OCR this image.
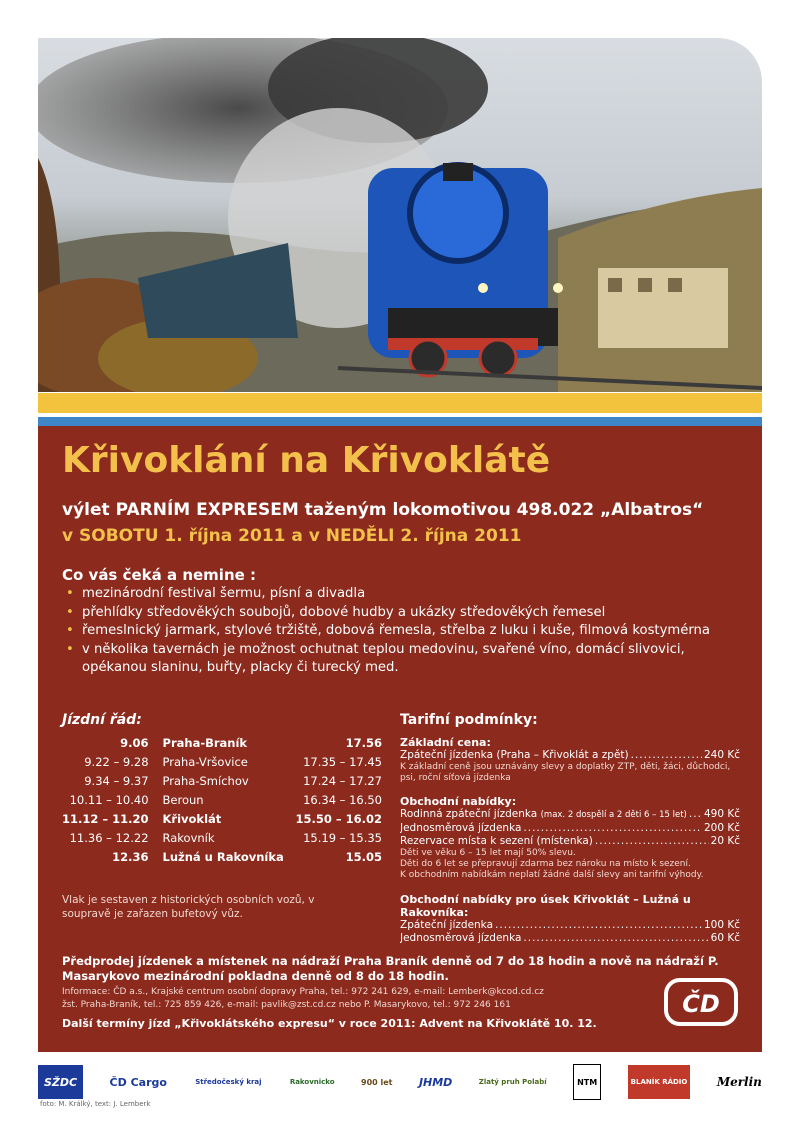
Křivoklání na Křivoklátě
výlet PARNÍM EXPRESEM taženým lokomotivou 498.022 „Albatros“
v SOBOTU 1. října 2011 a v NEDĚLI 2. října 2011
Co vás čeká a nemine :
• mezinárodní festival šermu, písní a divadla
• přehlídky středověkých soubojů, dobové hudby a ukázky středověkých řemesel
• řemeslnický jarmark, stylové tržiště, dobová řemesla, střelba z luku i kuše, filmová kostymérna
• v několika tavernách je možnost ochutnat teplou medovinu, svařené víno, domácí slivovici, opékanou slaninu, buřty, placky či turecký med.
Jízdní řád:
9.06	Praha-Braník	17.56
9.22 – 9.28	Praha-Vršovice	17.35 – 17.45
9.34 – 9.37	Praha-Smíchov	17.24 – 17.27
10.11 – 10.40	Beroun	16.34 – 16.50
11.12 – 11.20	Křivoklát	15.50 – 16.02
11.36 – 12.22	Rakovník	15.19 – 15.35
12.36	Lužná u Rakovníka	15.05
Vlak je sestaven z historických osobních vozů, v soupravě je zařazen bufetový vůz.
Tarifní podmínky:
Základní cena:
Zpáteční jízdenka (Praha – Křivoklát a zpět) .....	240 Kč
K základní ceně jsou uznávány slevy a doplatky ZTP, děti, žáci, důchodci, psi, roční síťová jízdenka
Obchodní nabídky:
Rodinná zpáteční jízdenka (max. 2 dospělí a 2 děti 6 – 15 let) ..... 490 Kč
Jednosměrová jízdenka .....	200 Kč
Rezervace místa k sezení (místenka) .....	20 Kč
Děti ve věku 6 – 15 let mají 50% slevu.
Děti do 6 let se přepravují zdarma bez nároku na místo k sezení.
K obchodním nabídkám neplatí žádné další slevy ani tarifní výhody.
Obchodní nabídky pro úsek Křivoklát – Lužná u Rakovníka:
Zpáteční jízdenka .....	100 Kč
Jednosměrová jízdenka .....	60 Kč
Předprodej jízdenek a místenek na nádraží Praha Braník denně od 7 do 18 hodin a nově na nádraží P. Masarykovo mezinárodní pokladna denně od 8 do 18 hodin.
Informace: ČD a.s., Krajské centrum osobní dopravy Praha, tel.: 972 241 629, e-mail: Lemberk@kcod.cd.cz
žst. Praha-Braník, tel.: 725 859 426, e-mail: pavlik@zst.cd.cz nebo P. Masarykovo, tel.: 972 246 161
Další termíny jízd „Křivoklátského expresu“ v roce 2011: Advent na Křivoklátě 10. 12.
ČD
SŽDC	ČD Cargo	Středočeský kraj	Rakovnicko	900 let JHMD	Zlatý pruh Polabí	NTM	BLANÍK RÁDIO Merlin
foto: M. Králký, text: J. Lemberk
